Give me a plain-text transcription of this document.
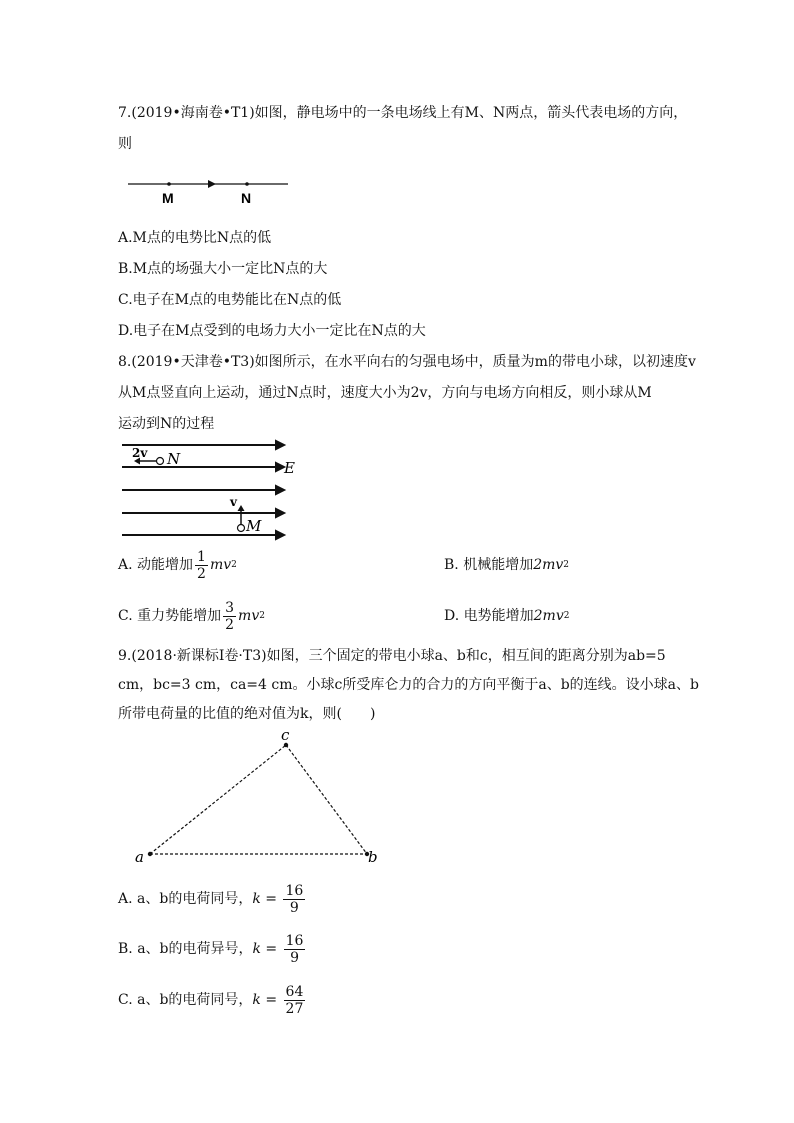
7.(2019•海南卷•T1)如图，静电场中的一条电场线上有M、N两点，箭头代表电场的方向，
则
M	N
A.M点的电势比N点的低
B.M点的场强大小一定比N点的大
C.电子在M点的电势能比在N点的低
D.电子在M点受到的电场力大小一定比在N点的大
8.(2019•天津卷•T3)如图所示，在水平向右的匀强电场中，质量为m的带电小球，以初速度v
从M点竖直向上运动，通过N点时，速度大小为2v，方向与电场方向相反，则小球从M
运动到N的过程
2v N	E
v
M
A. 动能增加 $\frac{1}{2}$ mv 2	B. 机械能增加 2mv 2
C. 重力势能增加 $\frac{3}{2}$ mv 2	D. 电势能增加 2mv 2
9.(2018·新课标Ⅰ卷·T3)如图，三个固定的带电小球a、b和c，相互间的距离分别为ab=5
cm，bc=3 cm，ca=4 cm。小球c所受库仑力的合力的方向平衡于a、b的连线。设小球a、b
所带电荷量的比值的绝对值为k，则(　　)
a	b
c
A. a、b的电荷同号， $k = \frac{16}{9}$
B. a、b的电荷异号， $k = \frac{16}{9}$
C. a、b的电荷同号， $k = \frac{64}{27}$
